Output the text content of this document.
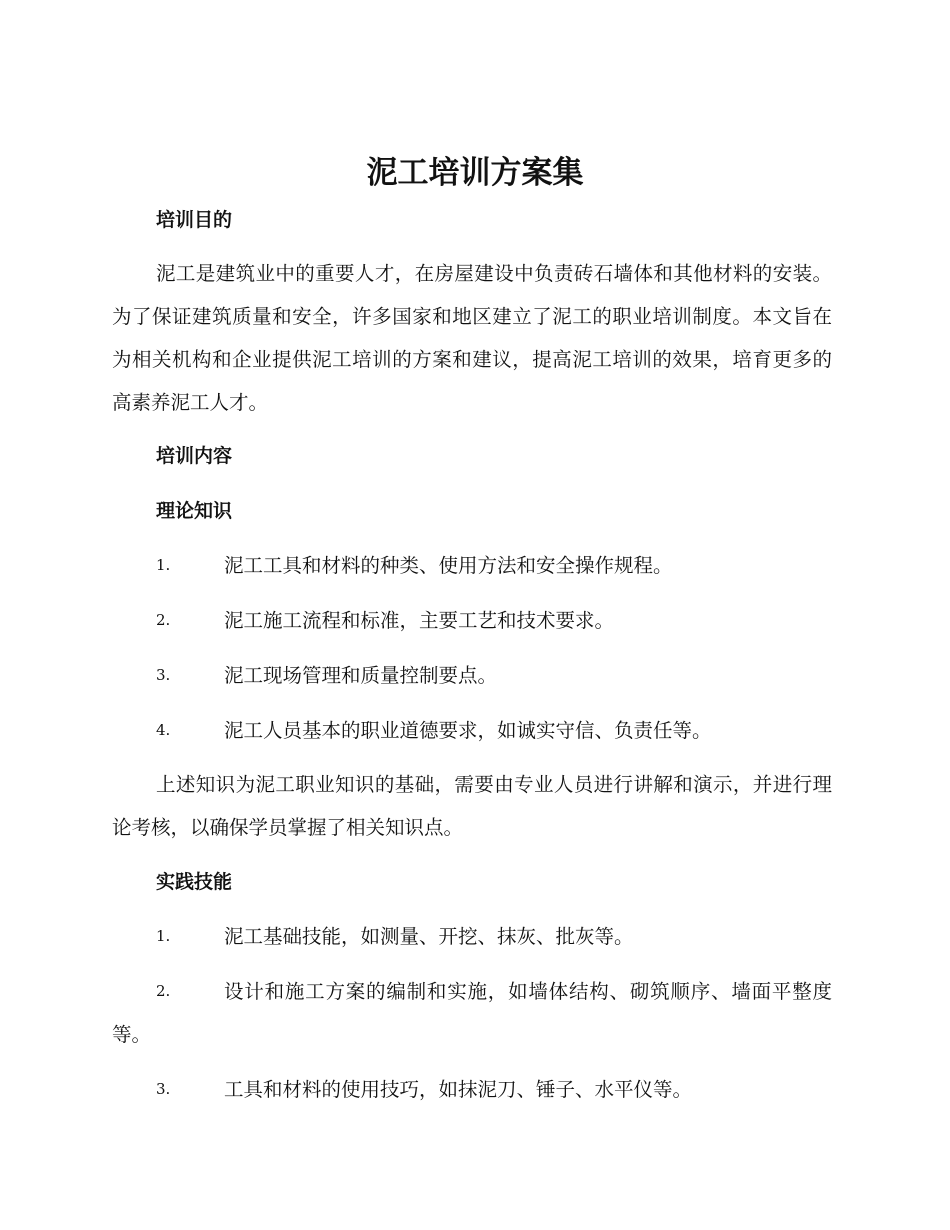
泥工培训方案集
培训目的

泥工是建筑业中的重要人才，在房屋建设中负责砖石墙体和其他材料的安装。为了保证建筑质量和安全，许多国家和地区建立了泥工的职业培训制度。本文旨在为相关机构和企业提供泥工培训的方案和建议，提高泥工培训的效果，培育更多的高素养泥工人才。

培训内容
理论知识
1.	泥工工具和材料的种类、使用方法和安全操作规程。
2.	泥工施工流程和标准，主要工艺和技术要求。
3.	泥工现场管理和质量控制要点。
4.	泥工人员基本的职业道德要求，如诚实守信、负责任等。

上述知识为泥工职业知识的基础，需要由专业人员进行讲解和演示，并进行理论考核，以确保学员掌握了相关知识点。

实践技能
1.	泥工基础技能，如测量、开挖、抹灰、批灰等。
2.	设计和施工方案的编制和实施，如墙体结构、砌筑顺序、墙面平整度等。
3.	工具和材料的使用技巧，如抹泥刀、锤子、水平仪等。
